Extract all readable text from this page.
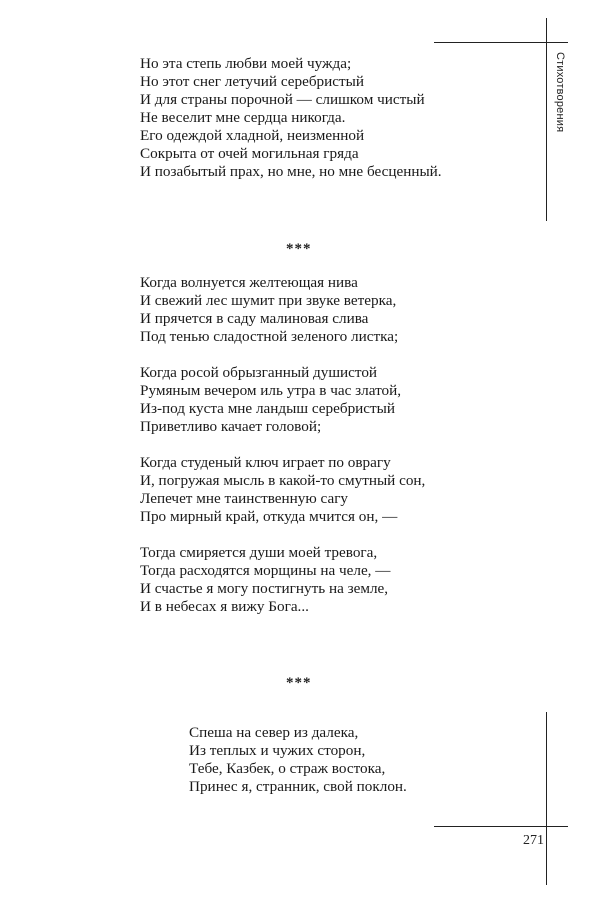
Стихотворения
Но эта степь любви моей чужда;
Но этот снег летучий серебристый
И для страны порочной — слишком чистый
Не веселит мне сердца никогда.
Его одеждой хладной, неизменной
Сокрыта от очей могильная гряда
И позабытый прах, но мне, но мне бесценный.
***
Когда волнуется желтеющая нива
И свежий лес шумит при звуке ветерка,
И прячется в саду малиновая слива
Под тенью сладостной зеленого листка;
Когда росой обрызганный душистой
Румяным вечером иль утра в час златой,
Из-под куста мне ландыш серебристый
Приветливо качает головой;
Когда студеный ключ играет по оврагу
И, погружая мысль в какой-то смутный сон,
Лепечет мне таинственную сагу
Про мирный край, откуда мчится он, —
Тогда смиряется души моей тревога,
Тогда расходятся морщины на челе, —
И счастье я могу постигнуть на земле,
И в небесах я вижу Бога...
***
Спеша на север из далека,
Из теплых и чужих сторон,
Тебе, Казбек, о страж востока,
Принес я, странник, свой поклон.
271
